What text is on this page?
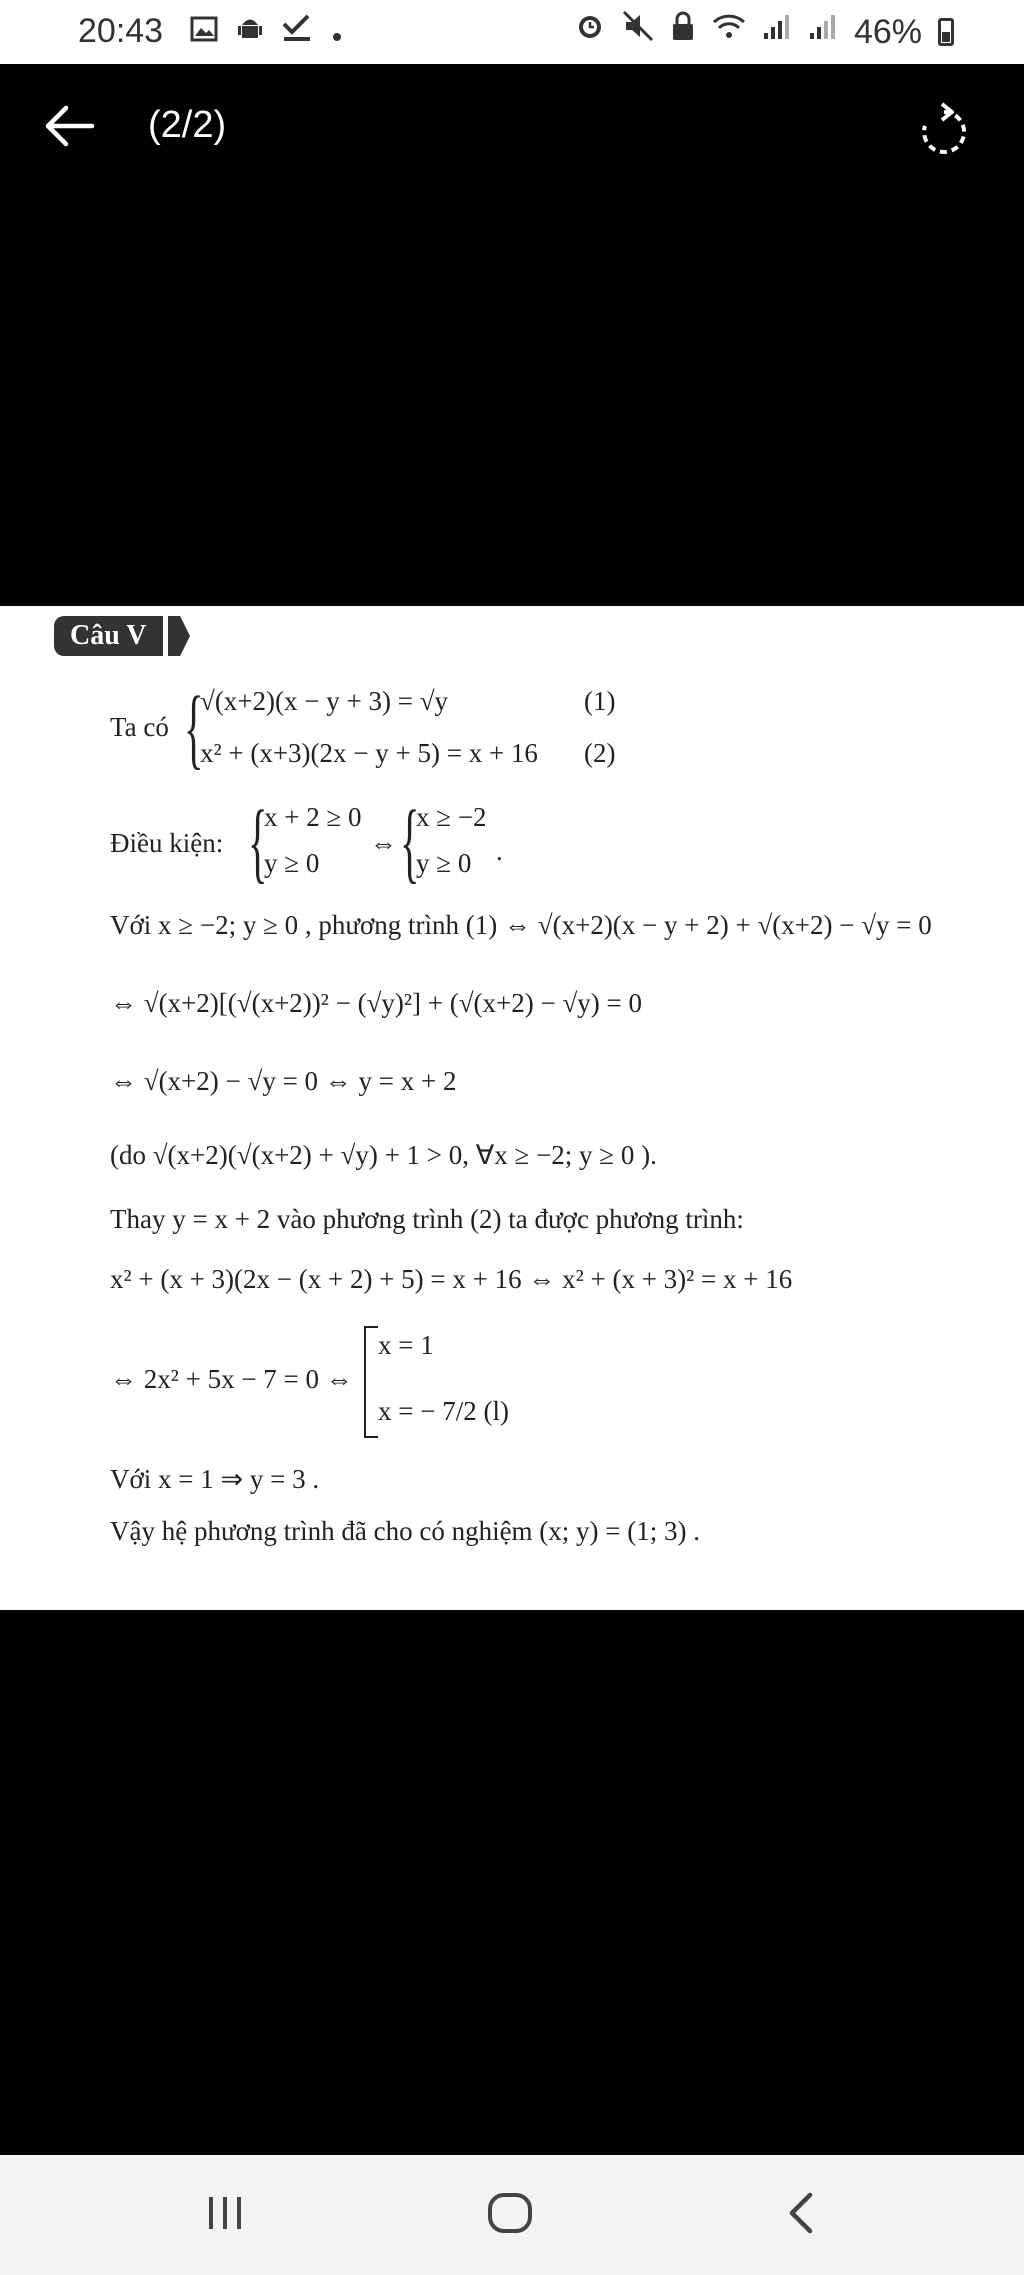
20:43	46%
(2/2)
Câu V
Ta có {
√(x+2)(x − y + 3) = √y	(1)
x² + (x+3)(2x − y + 5) = x + 16 (2)
Điều kiện: {
x + 2 ≥ 0
y ≥ 0
⇔ {
x ≥ −2
y ≥ 0 .
Với x ≥ −2; y ≥ 0 , phương trình (1) ⇔ √(x+2)(x − y + 2) + √(x+2) − √y = 0
⇔ √(x+2)[(√(x+2))² − (√y)²] + (√(x+2) − √y) = 0
⇔ √(x+2) − √y = 0 ⇔ y = x + 2
(do √(x+2)(√(x+2) + √y) + 1 > 0, ∀x ≥ −2; y ≥ 0 ).
Thay y = x + 2 vào phương trình (2) ta được phương trình:
x² + (x + 3)(2x − (x + 2) + 5) = x + 16 ⇔ x² + (x + 3)² = x + 16
⇔ 2x² + 5x − 7 = 0 ⇔
x = 1
x = − 7/2 (l)
Với x = 1 ⇒ y = 3 .
Vậy hệ phương trình đã cho có nghiệm (x; y) = (1; 3) .
